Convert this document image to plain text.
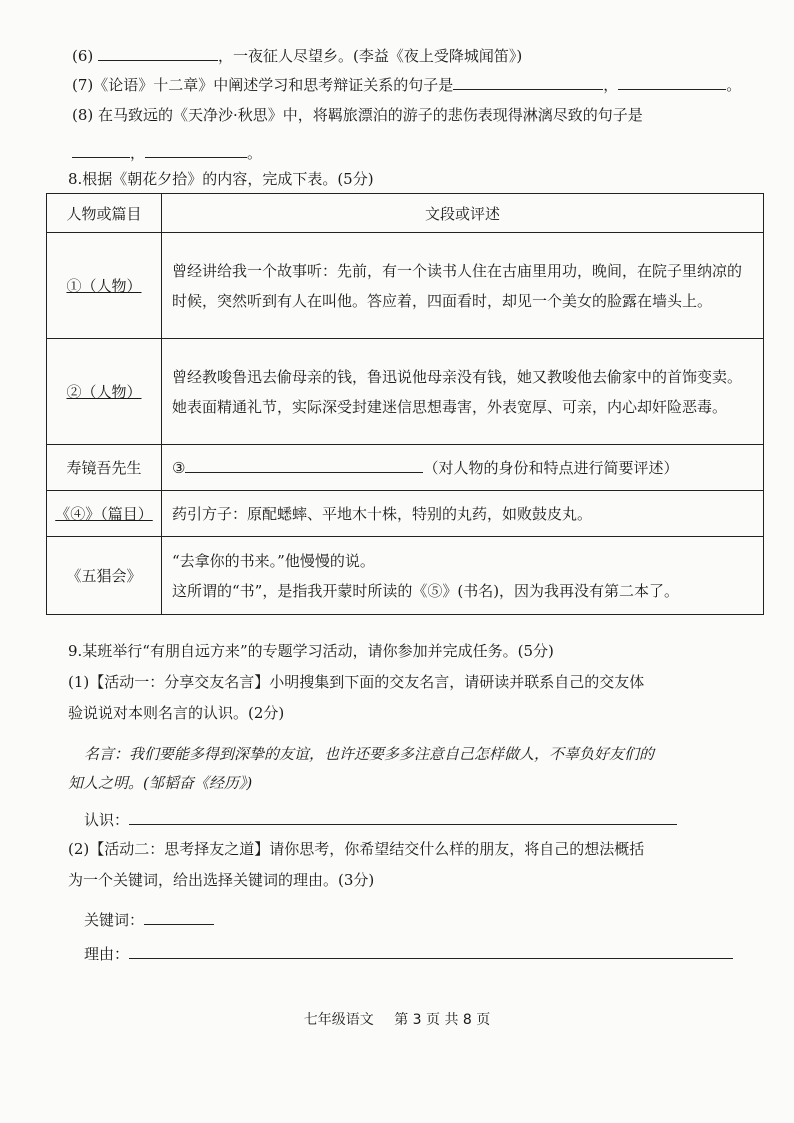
(6)	，一夜征人尽望乡。(李益《夜上受降城闻笛》)
(7)《论语》十二章》中阐述学习和思考辩证关系的句子是	，	。
(8) 在马致远的《天净沙·秋思》中，将羁旅漂泊的游子的悲伤表现得淋漓尽致的句子是
，	。
8.根据《朝花夕拾》的内容，完成下表。(5分)
人物或篇目	文段或评述
①（人物）	曾经讲给我一个故事听：先前，有一个读书人住在古庙里用功，晚间，在院子里纳凉的时候，突然听到有人在叫他。答应着，四面看时，却见一个美女的脸露在墙头上。
②（人物）	曾经教唆鲁迅去偷母亲的钱，鲁迅说他母亲没有钱，她又教唆他去偷家中的首饰变卖。她表面精通礼节，实际深受封建迷信思想毒害，外表宽厚、可亲，内心却奸险恶毒。
寿镜吾先生	③ （对人物的身份和特点进行简要评述）
《④》（篇目）	药引方子：原配蟋蟀、平地木十株，特别的丸药，如败鼓皮丸。
《五猖会》	“去拿你的书来。”他慢慢的说。
这所谓的“书”，是指我开蒙时所读的《⑤》(书名)，因为我再没有第二本了。
9.某班举行“有朋自远方来”的专题学习活动，请你参加并完成任务。(5分)
(1)【活动一：分享交友名言】小明搜集到下面的交友名言，请研读并联系自己的交友体
验说说对本则名言的认识。(2分)
名言：我们要能多得到深挚的友谊，也许还要多多注意自己怎样做人，不辜负好友们的
知人之明。(邹韬奋《经历》)
认识：
(2)【活动二：思考择友之道】请你思考，你希望结交什么样的朋友，将自己的想法概括
为一个关键词，给出选择关键词的理由。(3分)
关键词：
理由：
七年级语文 第 3 页 共 8 页
